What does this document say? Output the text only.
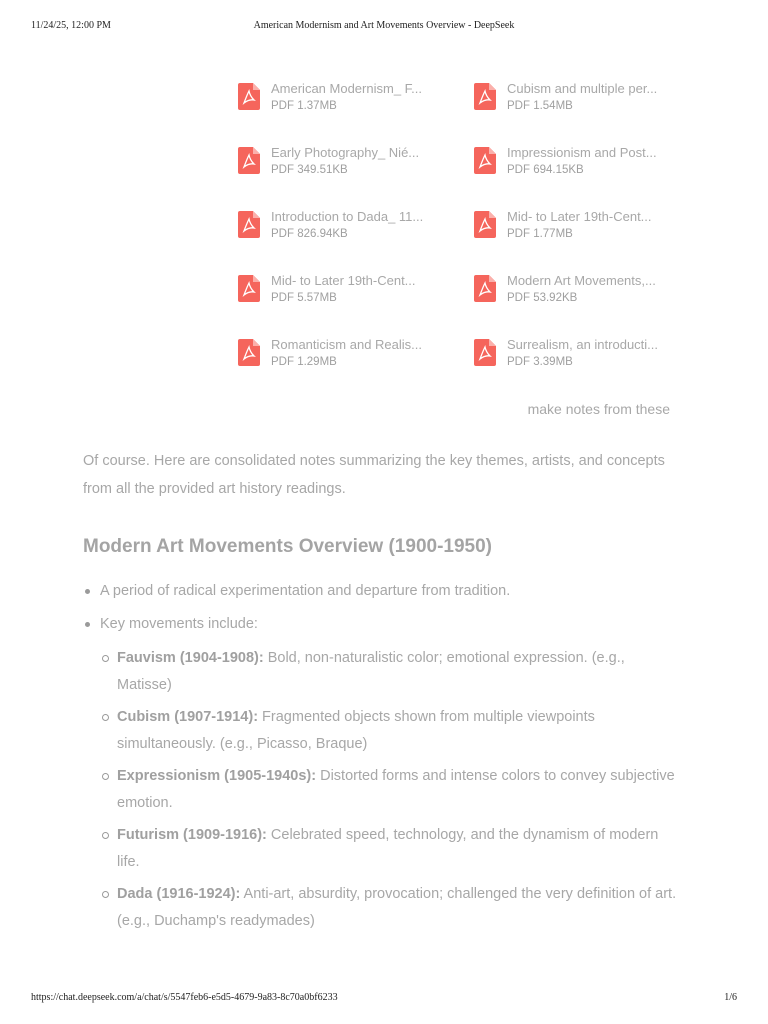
11/24/25, 12:00 PM	American Modernism and Art Movements Overview - DeepSeek
American Modernism_ F...
PDF 1.37MB
Cubism and multiple per...
PDF 1.54MB
Early Photography_ Nié...
PDF 349.51KB
Impressionism and Post...
PDF 694.15KB
Introduction to Dada_ 11...
PDF 826.94KB
Mid- to Later 19th-Cent...
PDF 1.77MB
Mid- to Later 19th-Cent...
PDF 5.57MB
Modern Art Movements,...
PDF 53.92KB
Romanticism and Realis...
PDF 1.29MB
Surrealism, an introducti...
PDF 3.39MB
make notes from these

Of course. Here are consolidated notes summarizing the key themes, artists, and concepts from all the provided art history readings.

Modern Art Movements Overview (1900-1950)
A period of radical experimentation and departure from tradition.
Key movements include:
Fauvism (1904-1908): Bold, non-naturalistic color; emotional expression. (e.g., Matisse)
Cubism (1907-1914): Fragmented objects shown from multiple viewpoints simultaneously. (e.g., Picasso, Braque)
Expressionism (1905-1940s): Distorted forms and intense colors to convey subjective emotion.
Futurism (1909-1916): Celebrated speed, technology, and the dynamism of modern life.
Dada (1916-1924): Anti-art, absurdity, provocation; challenged the very definition of art. (e.g., Duchamp's readymades)
https://chat.deepseek.com/a/chat/s/5547feb6-e5d5-4679-9a83-8c70a0bf6233	1/6
